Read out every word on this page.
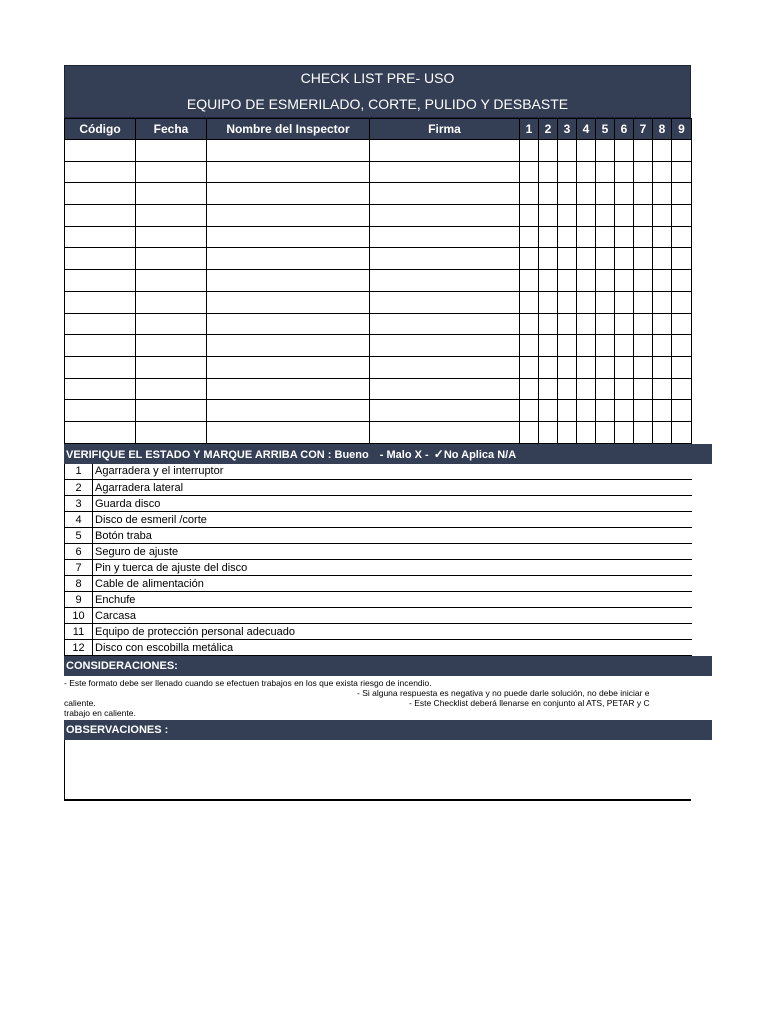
CHECK LIST PRE- USO
EQUIPO DE ESMERILADO, CORTE, PULIDO Y DESBASTE
Código	Fecha	Nombre del Inspector	Firma	1	2	3	4	5	6	7	8	9

VERIFIQUE EL ESTADO Y MARQUE ARRIBA CON : Bueno - Malo X - ✓No Aplica N/A
1	Agarradera y el interruptor
2	Agarradera lateral
3	Guarda disco
4	Disco de esmeril /corte
5	Botón traba
6	Seguro de ajuste
7	Pin y tuerca de ajuste del disco
8	Cable de alimentación
9	Enchufe
10	Carcasa
11	Equipo de protección personal adecuado
12	Disco con escobilla metálica
CONSIDERACIONES:
- Este formato debe ser llenado cuando se efectuen trabajos en los que exista riesgo de incendio.
- Si alguna respuesta es negativa y no puede darle solución, no debe iniciar e
caliente.	- Este Checklist deberá llenarse en conjunto al ATS, PETAR y C
trabajo en caliente.
OBSERVACIONES :
